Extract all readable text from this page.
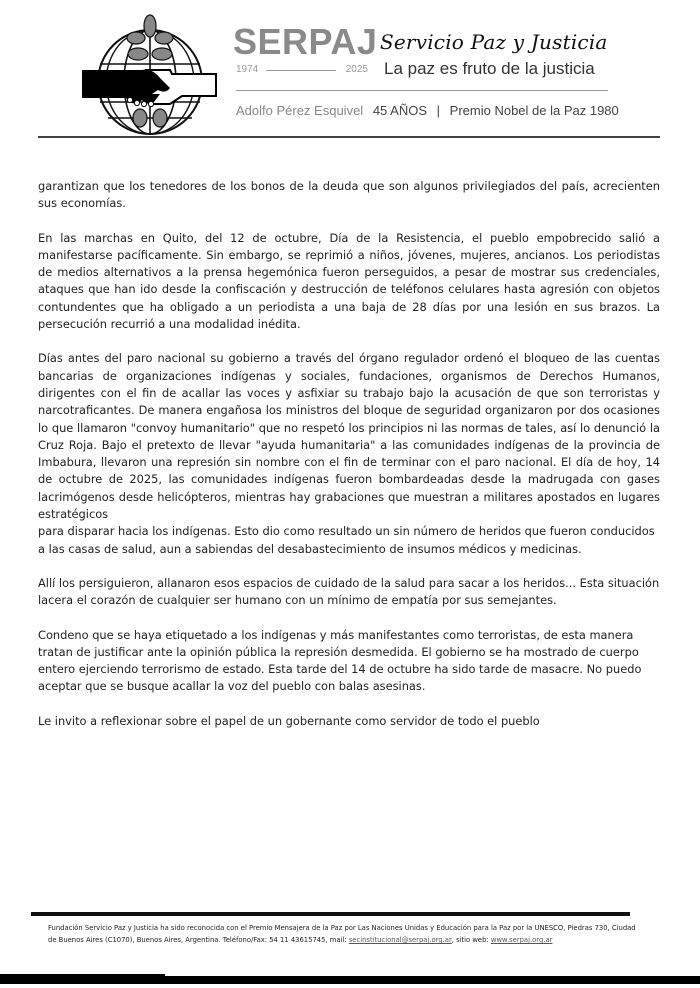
SERPAJ Servicio Paz y Justicia
1974	2025 La paz es fruto de la justicia
Adolfo Pérez Esquivel 45 AÑOS | Premio Nobel de la Paz 1980

garantizan que los tenedores de los bonos de la deuda que son algunos privilegiados del país, acrecienten sus economías.

En las marchas en Quito, del 12 de octubre, Día de la Resistencia, el pueblo empobrecido salió a manifestarse pacíficamente. Sin embargo, se reprimió a niños, jóvenes, mujeres, ancianos. Los periodistas de medios alternativos a la prensa hegemónica fueron perseguidos, a pesar de mostrar sus credenciales, ataques que han ido desde la confiscación y destrucción de teléfonos celulares hasta agresión con objetos contundentes que ha obligado a un periodista a una baja de 28 días por una lesión en sus brazos. La persecución recurrió a una modalidad inédita.

Días antes del paro nacional su gobierno a través del órgano regulador ordenó el bloqueo de las cuentas bancarias de organizaciones indígenas y sociales, fundaciones, organismos de Derechos Humanos, dirigentes con el fin de acallar las voces y asfixiar su trabajo bajo la acusación de que son terroristas y narcotraficantes. De manera engañosa los ministros del bloque de seguridad organizaron por dos ocasiones lo que llamaron "convoy humanitario" que no respetó los principios ni las normas de tales, así lo denunció la Cruz Roja. Bajo el pretexto de llevar "ayuda humanitaria" a las comunidades indígenas de la provincia de Imbabura, llevaron una represión sin nombre con el fin de terminar con el paro nacional. El día de hoy, 14 de octubre de 2025, las comunidades indígenas fueron bombardeadas desde la madrugada con gases lacrimógenos desde helicópteros, mientras hay grabaciones que muestran a militares apostados en lugares estratégicos

para disparar hacia los indígenas. Esto dio como resultado un sin número de heridos que fueron conducidos a las casas de salud, aun a sabiendas del desabastecimiento de insumos médicos y medicinas.

Allí los persiguieron, allanaron esos espacios de cuidado de la salud para sacar a los heridos... Esta situación lacera el corazón de cualquier ser humano con un mínimo de empatía por sus semejantes.

Condeno que se haya etiquetado a los indígenas y más manifestantes como terroristas, de esta manera tratan de justificar ante la opinión pública la represión desmedida. El gobierno se ha mostrado de cuerpo entero ejerciendo terrorismo de estado. Esta tarde del 14 de octubre ha sido tarde de masacre. No puedo aceptar que se busque acallar la voz del pueblo con balas asesinas.

Le invito a reflexionar sobre el papel de un gobernante como servidor de todo el pueblo

Fundación Servicio Paz y Justicia ha sido reconocida con el Premio Mensajera de la Paz por Las Naciones Unidas y Educación para la Paz por la UNESCO, Piedras 730, Ciudad de Buenos Aires (C1070), Buenos Aires, Argentina. Teléfono/Fax: 54 11 43615745, mail: secinstitucional@serpaj.org.ar, sitio web: www.serpaj.org.ar
